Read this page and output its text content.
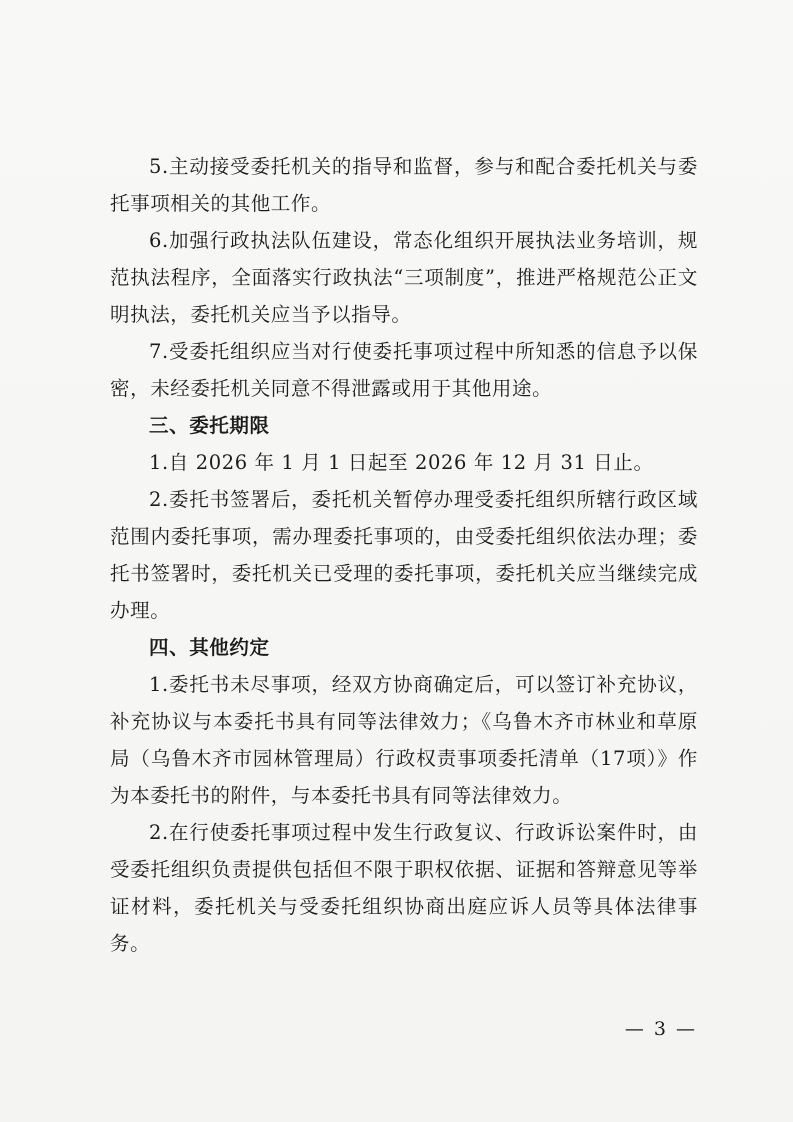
5.主动接受委托机关的指导和监督，参与和配合委托机关与委托事项相关的其他工作。

6.加强行政执法队伍建设，常态化组织开展执法业务培训，规范执法程序，全面落实行政执法“三项制度”，推进严格规范公正文明执法，委托机关应当予以指导。

7.受委托组织应当对行使委托事项过程中所知悉的信息予以保密，未经委托机关同意不得泄露或用于其他用途。

三、委托期限

1.自 2026 年 1 月 1 日起至 2026 年 12 月 31 日止。

2.委托书签署后，委托机关暂停办理受委托组织所辖行政区域范围内委托事项，需办理委托事项的，由受委托组织依法办理；委托书签署时，委托机关已受理的委托事项，委托机关应当继续完成办理。

四、其他约定

1.委托书未尽事项，经双方协商确定后，可以签订补充协议，补充协议与本委托书具有同等法律效力；《乌鲁木齐市林业和草原局（乌鲁木齐市园林管理局）行政权责事项委托清单（17项）》作为本委托书的附件，与本委托书具有同等法律效力。

2.在行使委托事项过程中发生行政复议、行政诉讼案件时，由受委托组织负责提供包括但不限于职权依据、证据和答辩意见等举证材料，委托机关与受委托组织协商出庭应诉人员等具体法律事务。

— 3 —
